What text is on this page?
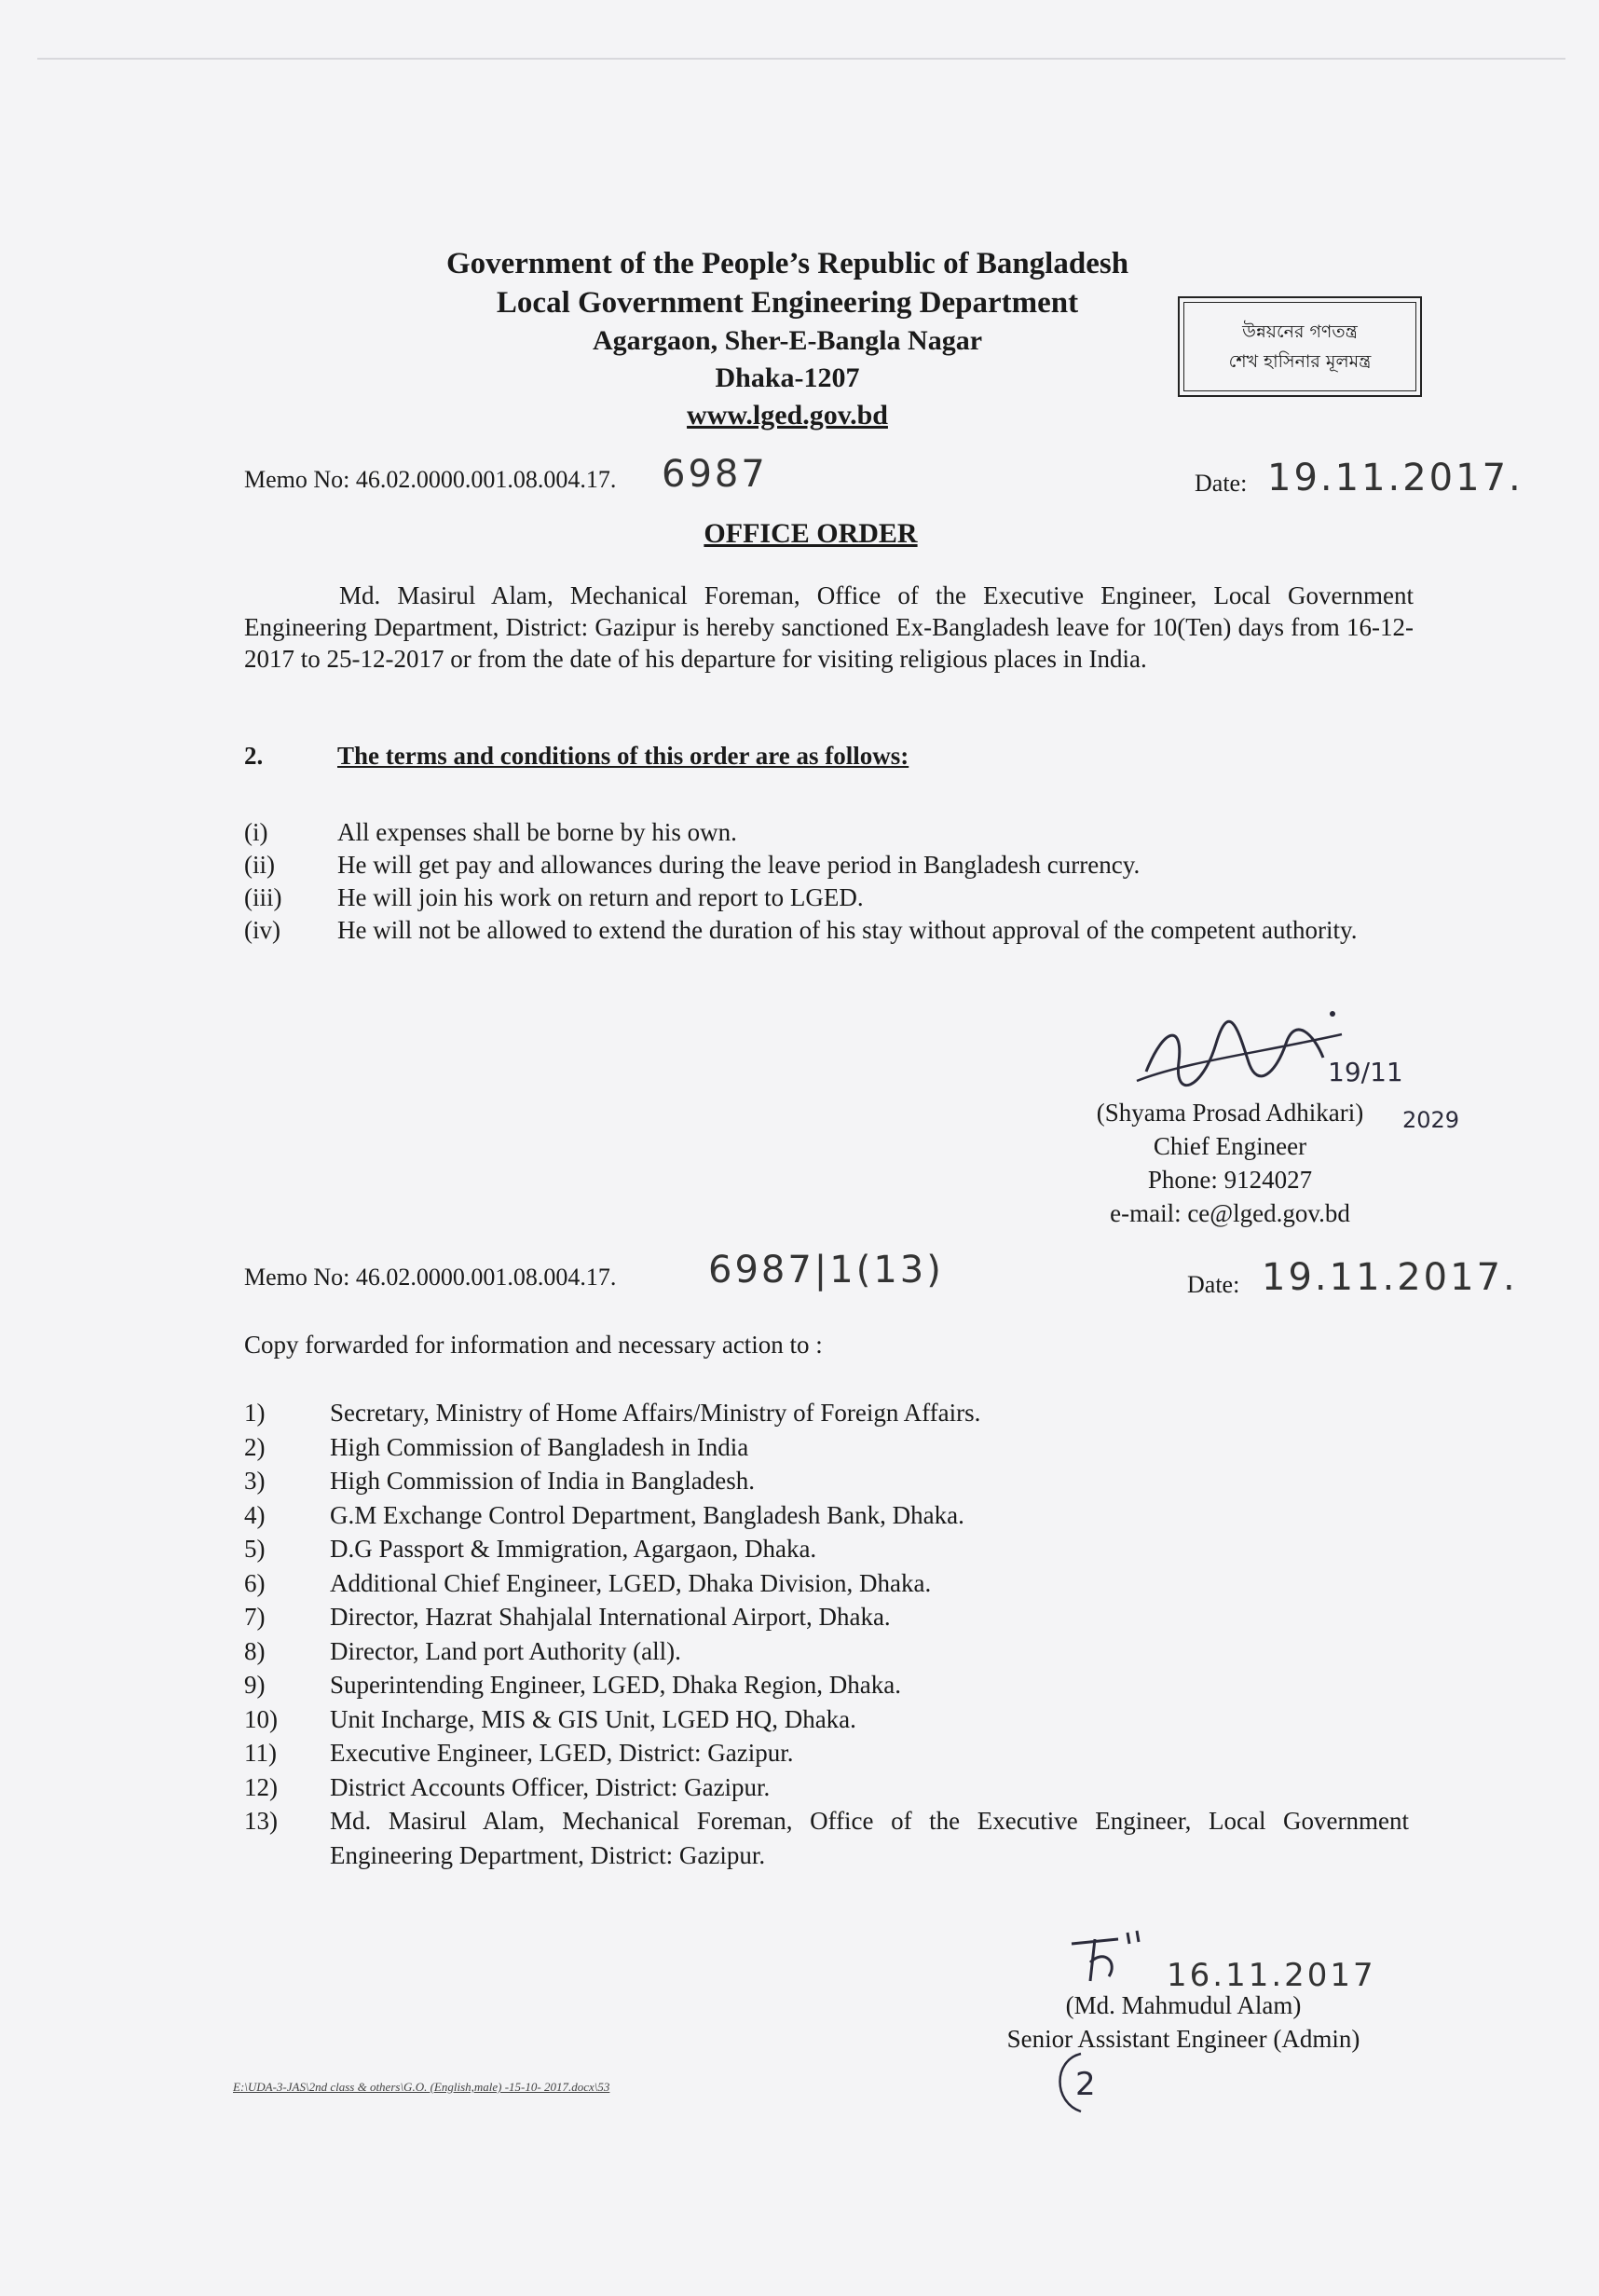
Government of the People’s Republic of Bangladesh
Local Government Engineering Department
Agargaon, Sher-E-Bangla Nagar
Dhaka-1207
www.lged.gov.bd
উন্নয়নের গণতন্ত্র
শেখ হাসিনার মূলমন্ত্র
Memo No: 46.02.0000.001.08.004.17. 6987	Date: 19.11.2017.
OFFICE ORDER
Md. Masirul Alam, Mechanical Foreman, Office of the Executive Engineer, Local Government Engineering Department, District: Gazipur is hereby sanctioned Ex-Bangladesh leave for 10(Ten) days from 16-12-2017 to 25-12-2017 or from the date of his departure for visiting religious places in India.
2.	The terms and conditions of this order are as follows:
(i)	All expenses shall be borne by his own.
(ii)	He will get pay and allowances during the leave period in Bangladesh currency.
(iii)	He will join his work on return and report to LGED.
(iv)	He will not be allowed to extend the duration of his stay without approval of the competent authority.
19/11
2029
(Shyama Prosad Adhikari)
Chief Engineer
Phone: 9124027
e-mail: ce@lged.gov.bd
Memo No: 46.02.0000.001.08.004.17. 6987|1(13)	Date: 19.11.2017.
Copy forwarded for information and necessary action to :
1)	Secretary, Ministry of Home Affairs/Ministry of Foreign Affairs.
2)	High Commission of Bangladesh in India
3)	High Commission of India in Bangladesh.
4)	G.M Exchange Control Department, Bangladesh Bank, Dhaka.
5)	D.G Passport & Immigration, Agargaon, Dhaka.
6)	Additional Chief Engineer, LGED, Dhaka Division, Dhaka.
7)	Director, Hazrat Shahjalal International Airport, Dhaka.
8)	Director, Land port Authority (all).
9)	Superintending Engineer, LGED, Dhaka Region, Dhaka.
10)	Unit Incharge, MIS & GIS Unit, LGED HQ, Dhaka.
11)	Executive Engineer, LGED, District: Gazipur.
12)	District Accounts Officer, District: Gazipur.
13)	Md. Masirul Alam, Mechanical Foreman, Office of the Executive Engineer, Local Government Engineering Department, District: Gazipur.
16.11.2017
(Md. Mahmudul Alam)
Senior Assistant Engineer (Admin)
2
E:\UDA-3-JAS\2nd class & others\G.O. (English,male) -15-10- 2017.docx\53
